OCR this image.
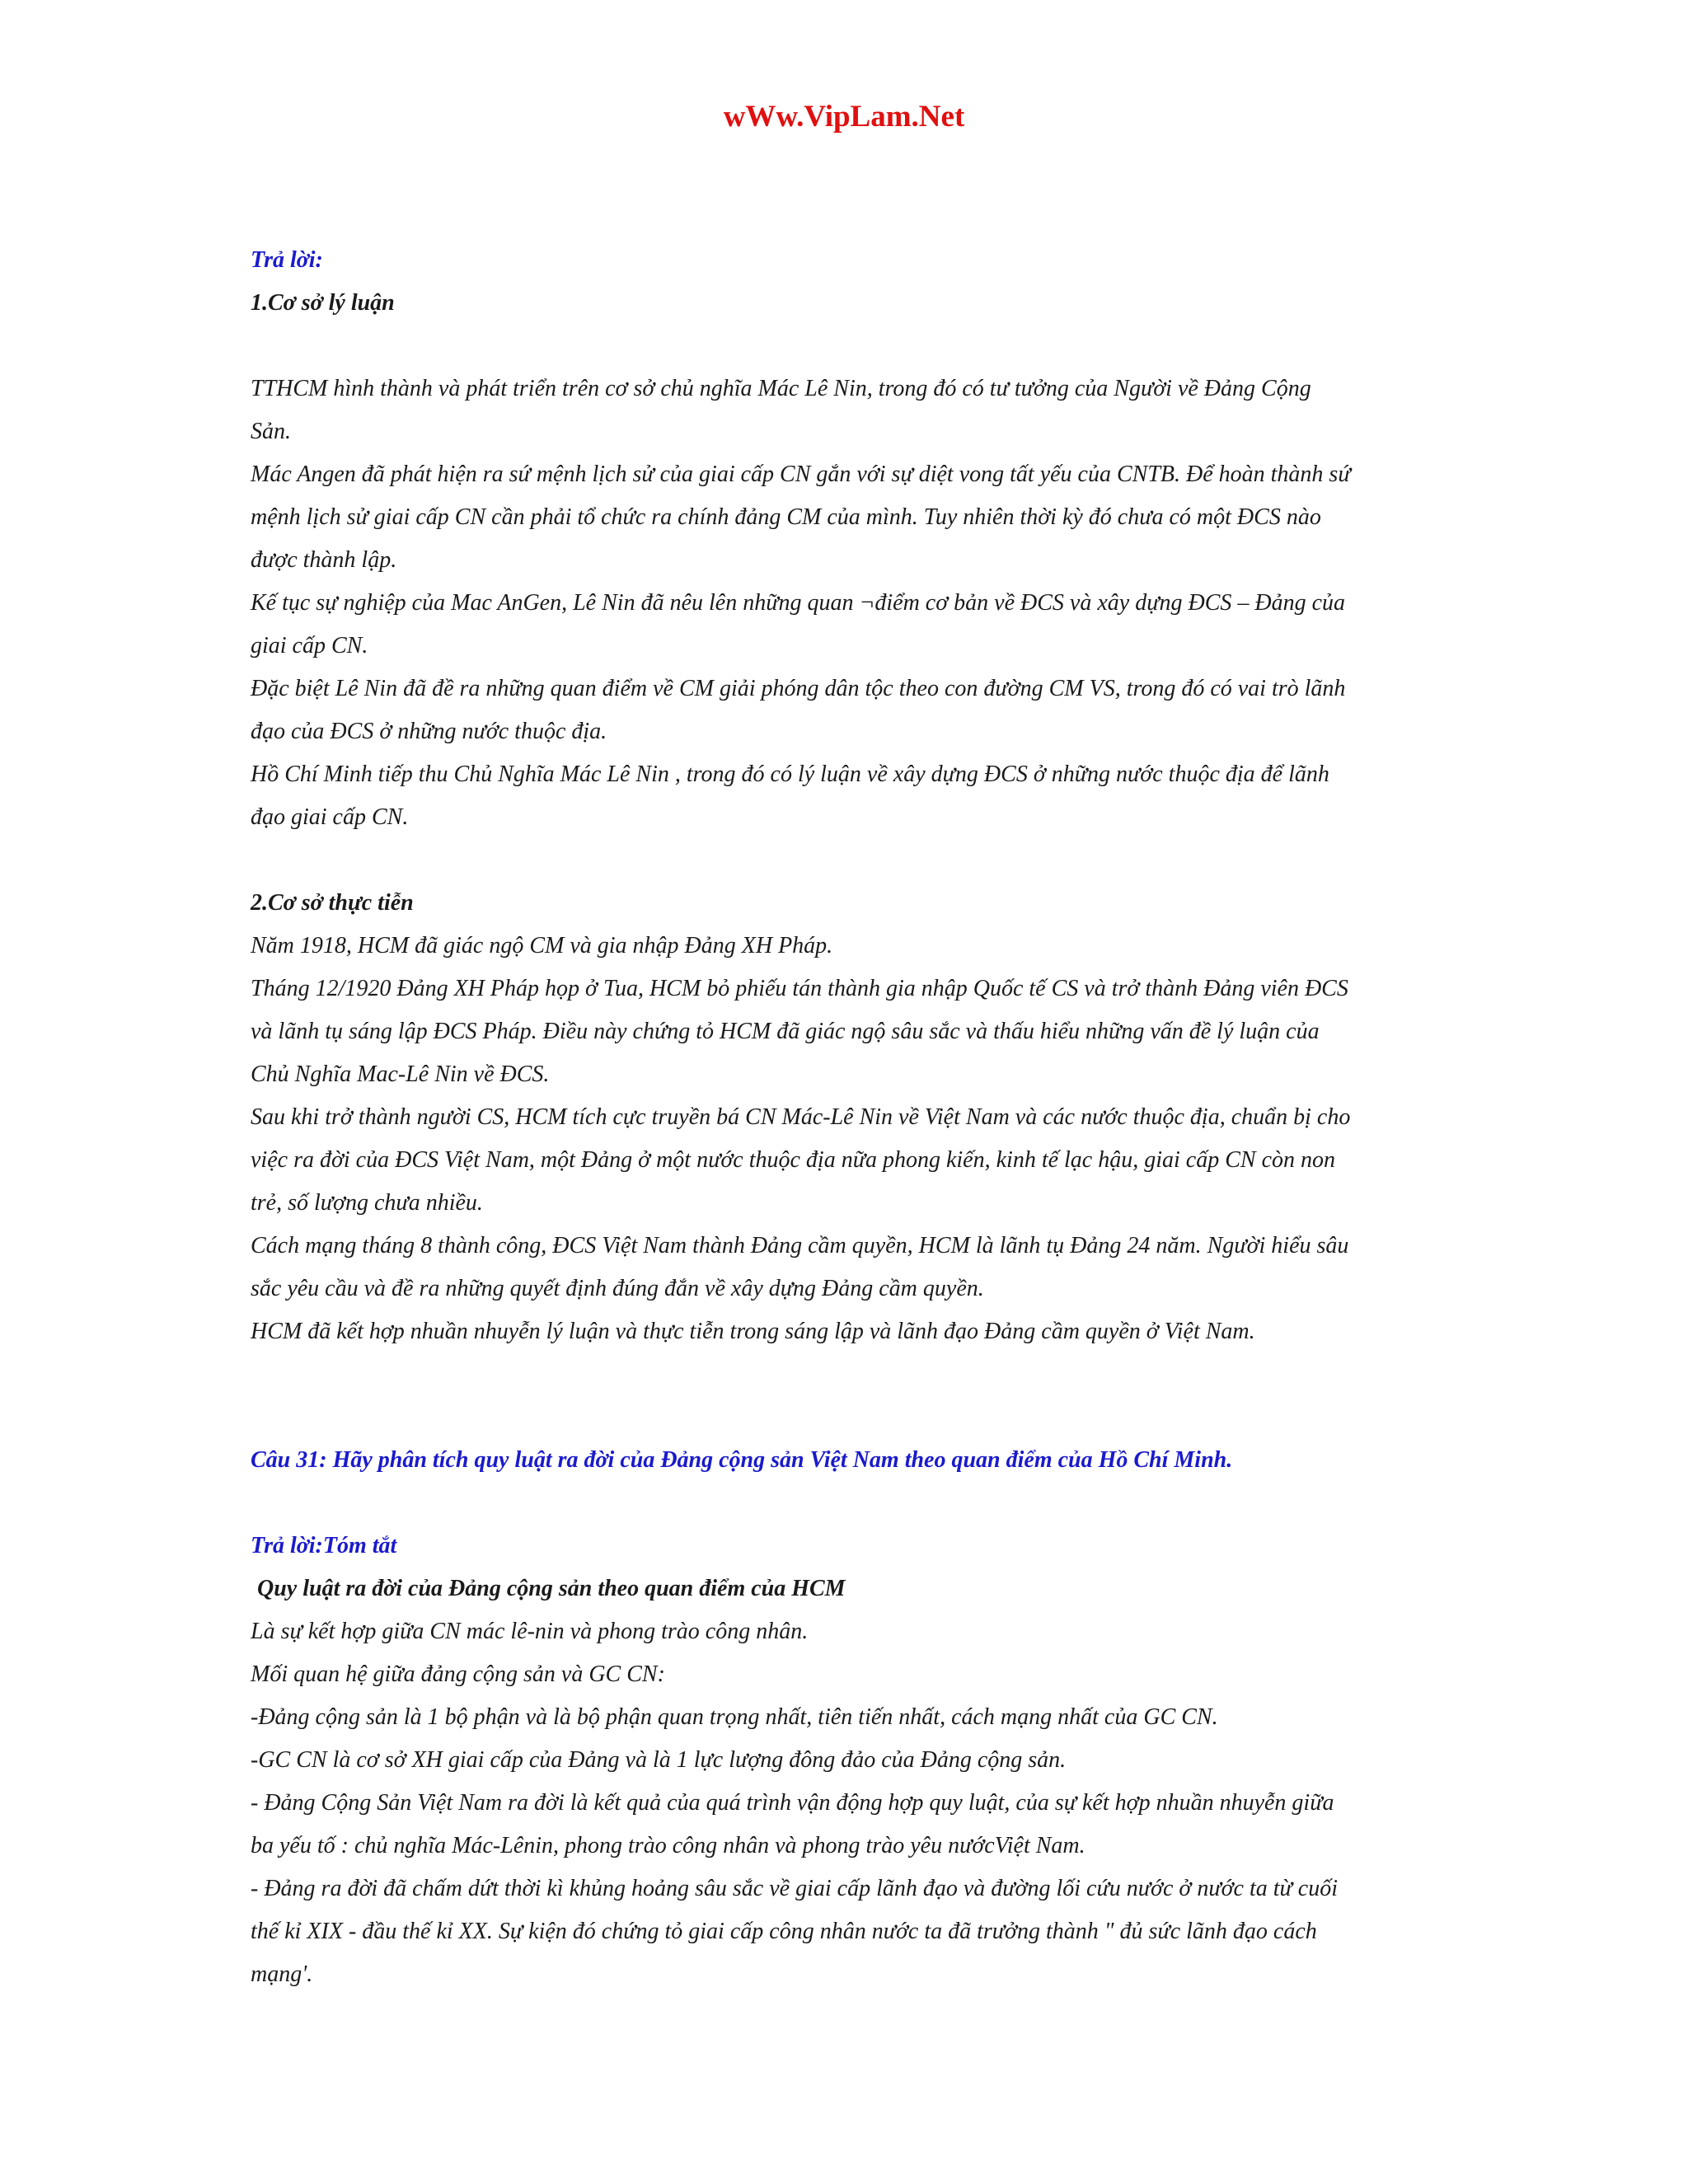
wWw.VipLam.Net
Trả lời:
1.Cơ sở lý luận
TTHCM hình thành và phát triển trên cơ sở chủ nghĩa Mác Lê Nin, trong đó có tư tưởng của Người về Đảng Cộng
Sản.
Mác Angen đã phát hiện ra sứ mệnh lịch sử của giai cấp CN gắn với sự diệt vong tất yếu của CNTB. Để hoàn thành sứ
mệnh lịch sử giai cấp CN cần phải tổ chức ra chính đảng CM của mình. Tuy nhiên thời kỳ đó chưa có một ĐCS nào
được thành lập.
Kế tục sự nghiệp của Mac AnGen, Lê Nin đã nêu lên những quan ¬điểm cơ bản về ĐCS và xây dựng ĐCS – Đảng của
giai cấp CN.
Đặc biệt Lê Nin đã đề ra những quan điểm về CM giải phóng dân tộc theo con đường CM VS, trong đó có vai trò lãnh
đạo của ĐCS ở những nước thuộc địa.
Hồ Chí Minh tiếp thu Chủ Nghĩa Mác Lê Nin , trong đó có lý luận về xây dựng ĐCS ở những nước thuộc địa để lãnh
đạo giai cấp CN.
2.Cơ sở thực tiễn
Năm 1918, HCM đã giác ngộ CM và gia nhập Đảng XH Pháp.
Tháng 12/1920 Đảng XH Pháp họp ở Tua, HCM bỏ phiếu tán thành gia nhập Quốc tế CS và trở thành Đảng viên ĐCS
và lãnh tụ sáng lập ĐCS Pháp. Điều này chứng tỏ HCM đã giác ngộ sâu sắc và thấu hiểu những vấn đề lý luận của
Chủ Nghĩa Mac-Lê Nin về ĐCS.
Sau khi trở thành người CS, HCM tích cực truyền bá CN Mác-Lê Nin về Việt Nam và các nước thuộc địa, chuẩn bị cho
việc ra đời của ĐCS Việt Nam, một Đảng ở một nước thuộc địa nữa phong kiến, kinh tế lạc hậu, giai cấp CN còn non
trẻ, số lượng chưa nhiều.
Cách mạng tháng 8 thành công, ĐCS Việt Nam thành Đảng cầm quyền, HCM là lãnh tụ Đảng 24 năm. Người hiểu sâu
sắc yêu cầu và đề ra những quyết định đúng đắn về xây dựng Đảng cầm quyền.
HCM đã kết hợp nhuần nhuyễn lý luận và thực tiễn trong sáng lập và lãnh đạo Đảng cầm quyền ở Việt Nam.
Câu 31: Hãy phân tích quy luật ra đời của Đảng cộng sản Việt Nam theo quan điểm của Hồ Chí Minh.
Trả lời:Tóm tắt
Quy luật ra đời của Đảng cộng sản theo quan điểm của HCM
Là sự kết hợp giữa CN mác lê-nin và phong trào công nhân.
Mối quan hệ giữa đảng cộng sản và GC CN:
-Đảng cộng sản là 1 bộ phận và là bộ phận quan trọng nhất, tiên tiến nhất, cách mạng nhất của GC CN.
-GC CN là cơ sở XH giai cấp của Đảng và là 1 lực lượng đông đảo của Đảng cộng sản.
- Đảng Cộng Sản Việt Nam ra đời là kết quả của quá trình vận động hợp quy luật, của sự kết hợp nhuần nhuyễn giữa
ba yếu tố : chủ nghĩa Mác-Lênin, phong trào công nhân và phong trào yêu nướcViệt Nam.
- Đảng ra đời đã chấm dứt thời kì khủng hoảng sâu sắc về giai cấp lãnh đạo và đường lối cứu nước ở nước ta từ cuối
thế kỉ XIX - đầu thế kỉ XX. Sự kiện đó chứng tỏ giai cấp công nhân nước ta đã trưởng thành " đủ sức lãnh đạo cách
mạng'.
